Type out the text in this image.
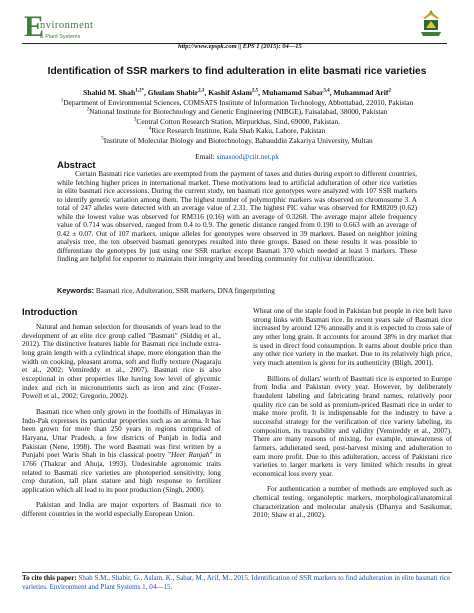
E
nvironment
& Plant Systems
http://www.epspk.com || EPS 1 (2015): 04—15
Identification of SSR markers to find adulteration in elite basmati rice varieties
Shahid M. Shah$^{1,2*}$, Ghulam Shabir$^{2,3}$, Kashif Aslam$^{2,5}$, Muhamamd Sabar$^{3,4}$, Muhammad Arif$^2$
$^1$Department of Environmental Sciences, COMSATS Institute of Information Technology, Abbottabad, 22010, Pakistan
$^2$National Institute for Biotechnology and Genetic Engineering (NIBGE), Faisalabad, 38000, Pakistan
$^3$Central Cotton Research Station, Mirpurkhas, Sind, 69000, Pakistan.
$^4$Rice Research Institute, Kala Shah Kaku, Lahore, Pakistan
$^5$Institute of Molecular Biology and Biotechnology, Bahauddin Zakariya University, Multan
Email: smasood@ciit.net.pk
Abstract
Certain Basmati rice varieties are exempted from the payment of taxes and duties during export to different countries, while fetching higher prices in international market. These motivations lead to artificial adulteration of other rice varieties in elite basmati rice accessions. During the current study, ten basmati rice genotypes were analyzed with 107 SSR markers to identify genetic variation among them. The highest number of polymorphic markers was observed on chromosome 3. A total of 247 alleles were detected with an average value of 2.31. The highest PIC value was observed for RM8209 (0.62) while the lowest value was observed for RM316 (0.16) with an average of 0.3268. The average major allele frequency value of 0.714 was observed, ranged from 0.4 to 0.9. The genetic distance ranged from 0.190 to 0.663 with an average of 0.42 ± 0.07. Out of 107 markers, unique alleles for genotypes were observed in 39 markers. Based on neighbor joining analysis tree, the ten observed basmati genotypes resulted into three groups. Based on these results it was possible to differentiate the genotypes by just using one SSR marker except Basmati 370 which needed at least 3 markers. These finding are helpful for exporter to maintain their integrity and breeding community for cultivar identification.
Keywords: Basmati rice, Adulteration, SSR markers, DNA fingerprinting
Introduction

Natural and human selection for thousands of years lead to the development of an elite rice group called "Basmati" (Siddiq et al., 2012). The distinctive features liable for Basmati rice include extra-long grain length with a cylindrical shape, more elongation than the width on cooking, pleasant aroma, soft and fluffy texture (Nagaraju et al., 2002; Vemireddy et al., 2007). Basmati rice is also exceptional in other properties like having low level of glycemic index and rich in micronutrients such as iron and zinc (Foster-Powell et al., 2002; Gregorio, 2002).

Basmati rice when only grown in the foothills of Himalayas in Indo-Pak expresses its particular properties such as an aroma. It has been grown for more than 250 years in regions comprised of Haryana, Uttar Pradesh, a few districts of Punjab in India and Pakistan (Nene, 1998). The word Basmati was first written by a Punjabi poet Waris Shah in his classical poetry "Heer Ranjah" in 1766 (Thakrar and Ahuja, 1993). Undesirable agronomic traits related to Basmati rice varieties are photoperiod sensitivity, long crop duration, tall plant stature and high response to fertilizer application which all lead to its poor production (Singh, 2000).

Pakistan and India are major exporters of Basmati rice to different countries in the world especially European Union.

Wheat one of the staple food in Pakistan but people in rice belt have strong links with Basmati rice. In recent years sale of Basmati rice increased by around 12% annually and it is expected to cross sale of any other long grain. It accounts for around 38% in dry market that is used in direct food consumption. It earns about double price than any other rice variety in the market. Due to its relatively high price, very much attention is given for its authenticity (Bligh, 2001).

Billions of dollars' worth of Basmati rice is exported to Europe from India and Pakistan every year. However, by deliberately fraudulent labeling and fabricating brand names, relatively poor quality rice can be sold as premium-priced Basmati rice in order to make more profit. It is indispensable for the industry to have a successful strategy for the verification of rice variety labeling, its composition, its traceability and validity (Vemireddy et al., 2007). There are many reasons of mixing, for example, unawareness of farmers, adulterated seed, post-harvest mixing and adulteration to earn more profit. Due to this adulteration, access of Pakistani rice varieties to larger markets is very limited which results in great economical loss every year.

For authentication a number of methods are employed such as chemical testing, organoleptic markers, morphological/anatomical characterization and molecular analysis (Dhanya and Sasikumar, 2010; Shaw et al., 2002).

To cite this paper: Shah S.M., Shabir, G., Aslam, K., Sabar, M., Arif, M., 2015. Identification of SSR markers to find adulteration in elite basmati rice varieties. Environment and Plant Systems 1, 04—15.
